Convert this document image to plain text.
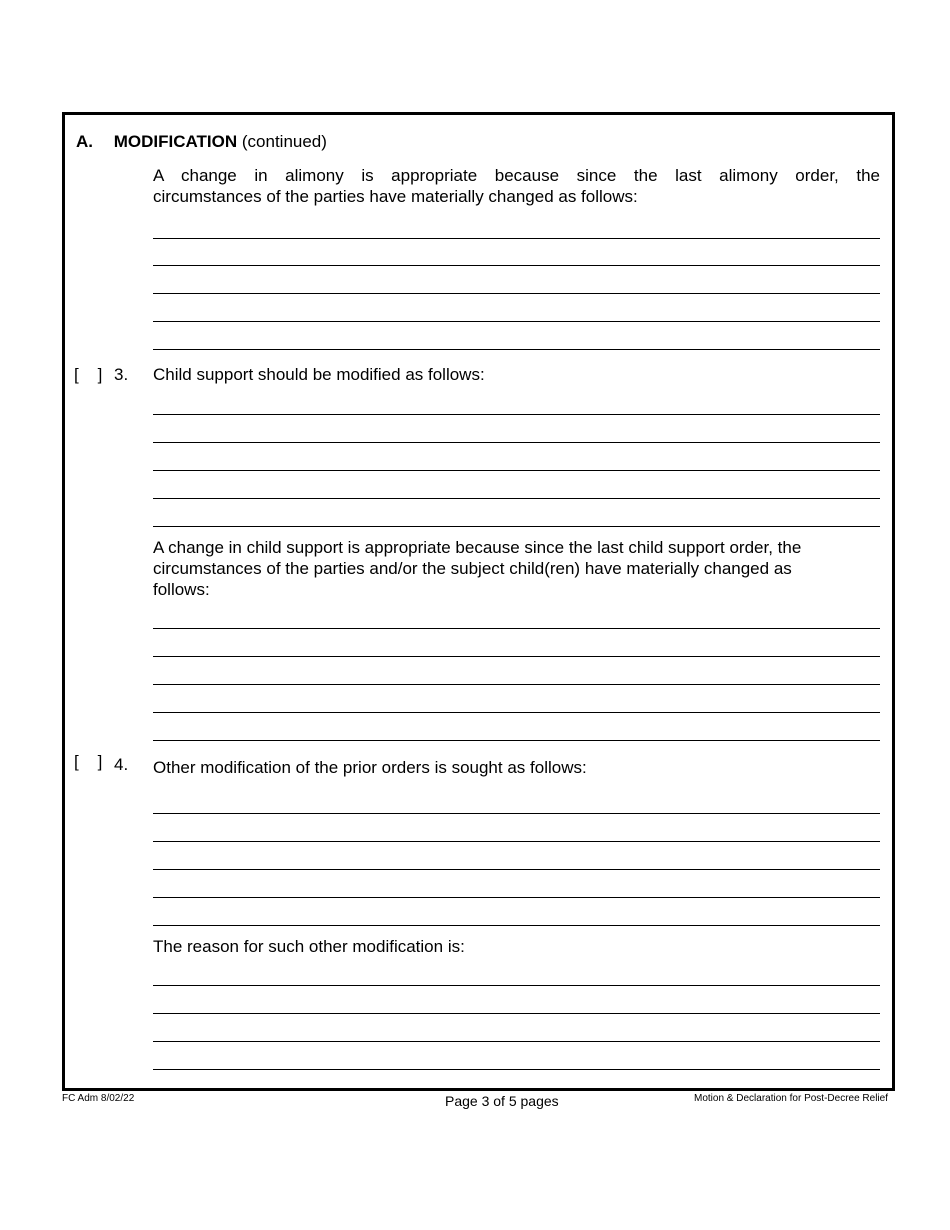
A. MODIFICATION (continued)
A change in alimony is appropriate because since the last alimony order, the
circumstances of the parties have materially changed as follows:
[    ] 3. Child support should be modified as follows:
A change in child support is appropriate because since the last child support order, the
circumstances of the parties and/or the subject child(ren) have materially changed as
follows:
[    ] 4. Other modification of the prior orders is sought as follows:
The reason for such other modification is:
FC Adm 8/02/22	Page 3 of 5 pages	Motion & Declaration for Post-Decree Relief
